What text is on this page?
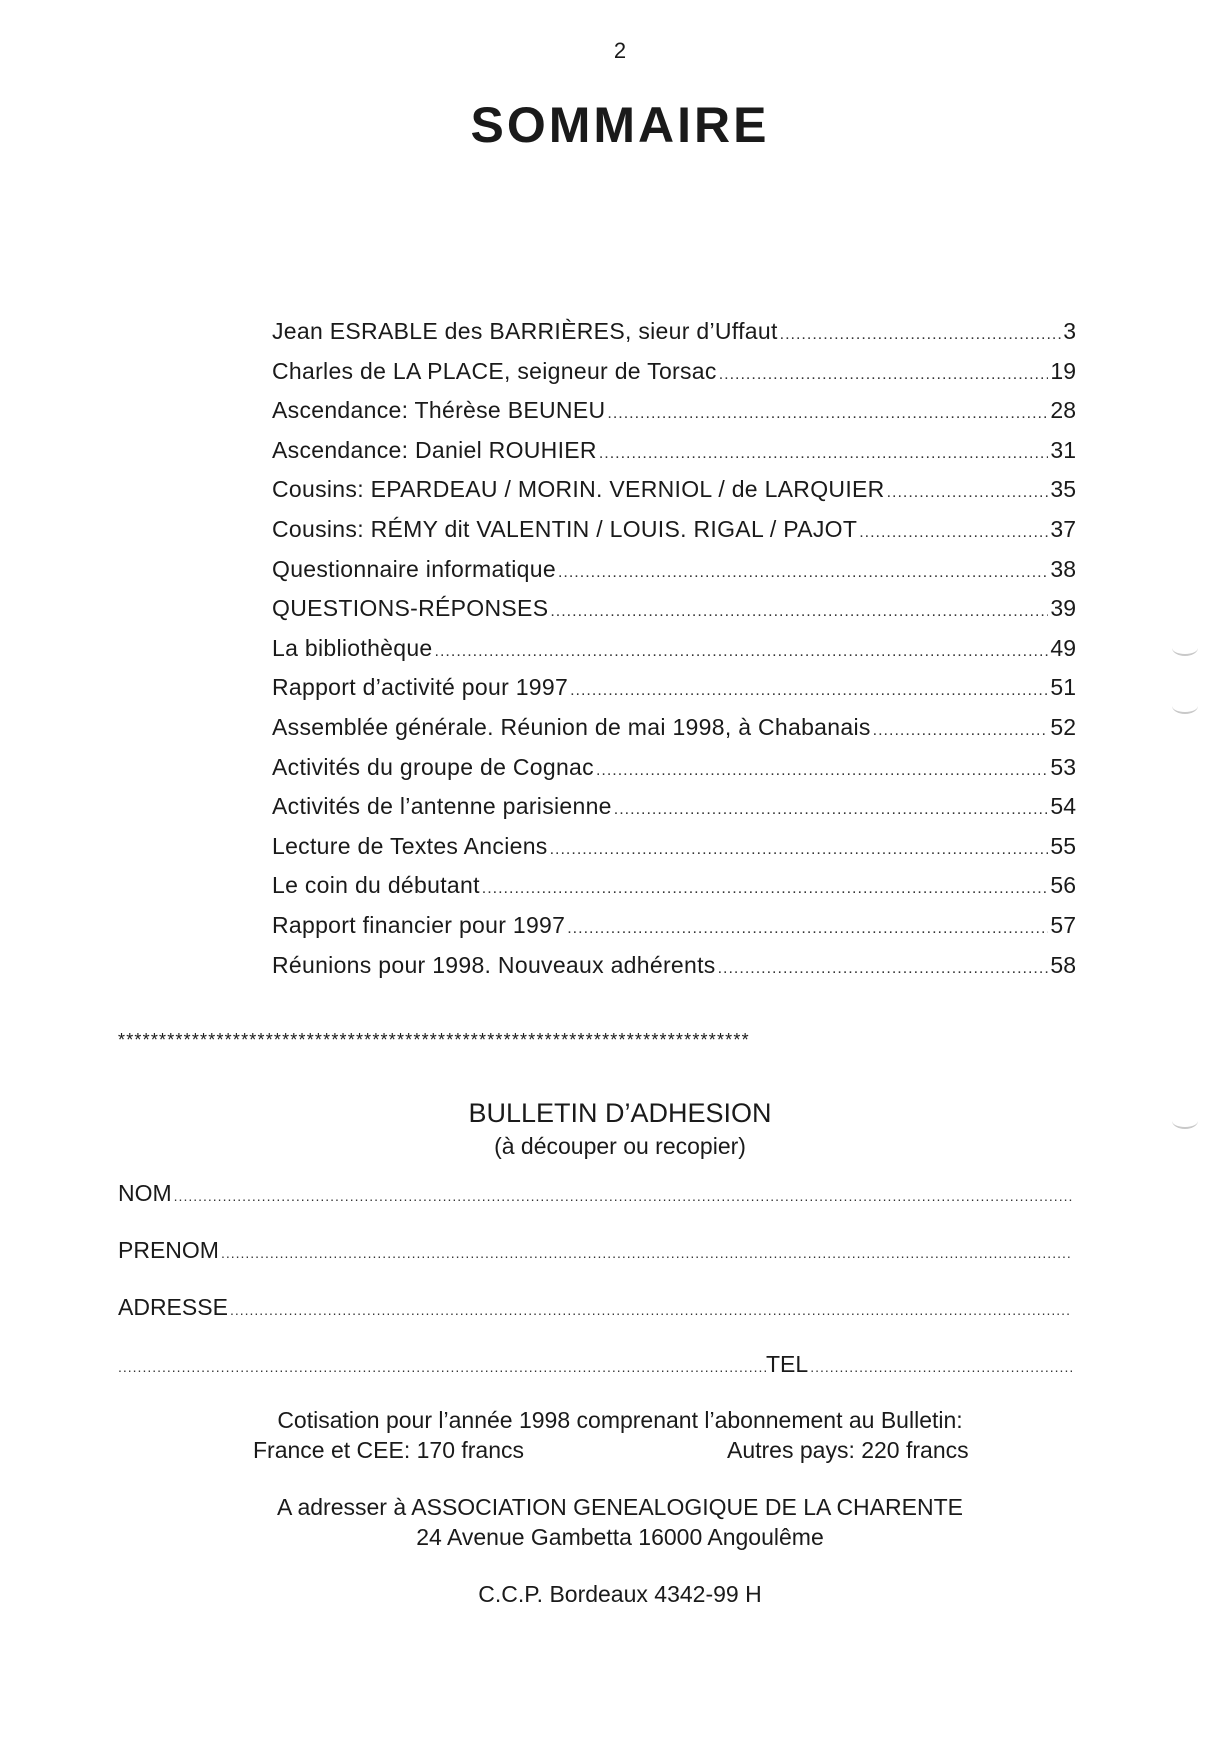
2
SOMMAIRE
Jean ESRABLE des BARRIÈRES, sieur d’Uffaut .....	3
Charles de LA PLACE, seigneur de Torsac .....	19
Ascendance: Thérèse BEUNEU .....	28
Ascendance: Daniel ROUHIER .....	31
Cousins: EPARDEAU / MORIN. VERNIOL / de LARQUIER .....	35
Cousins: RÉMY dit VALENTIN / LOUIS. RIGAL / PAJOT .....	37
Questionnaire informatique .....	38
QUESTIONS-RÉPONSES .....	39
La bibliothèque .....	49
Rapport d’activité pour 1997 .....	51
Assemblée générale. Réunion de mai 1998, à Chabanais .....	52
Activités du groupe de Cognac .....	53
Activités de l’antenne parisienne .....	54
Lecture de Textes Anciens .....	55
Le coin du débutant .....	56
Rapport financier pour 1997 .....	57
Réunions pour 1998. Nouveaux adhérents .....	58
*****************************************************************************
BULLETIN D’ADHESION
(à découper ou recopier)
NOM
.....
PRENOM
.....
ADRESSE
.....
.....
TEL
.....
Cotisation pour l’année 1998 comprenant l’abonnement au Bulletin:
France et CEE: 170 francs	Autres pays: 220 francs
A adresser à ASSOCIATION GENEALOGIQUE DE LA CHARENTE
24 Avenue Gambetta 16000 Angoulême
C.C.P. Bordeaux 4342-99 H
